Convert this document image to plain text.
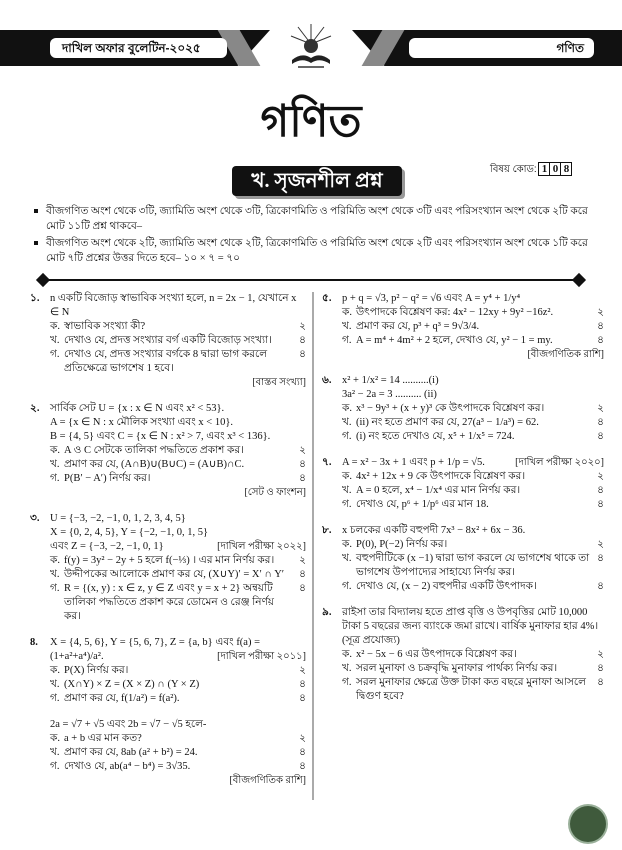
দাখিল অফার বুলেটিন-২০২৫	গণিত
গণিত
খ. সৃজনশীল প্রশ্ন
বিষয় কোড: 1 0 8
বীজগণিত অংশ থেকে ৩টি, জ্যামিতি অংশ থেকে ৩টি, ত্রিকোণমিতি ও পরিমিতি অংশ থেকে ৩টি এবং পরিসংখ্যান অংশ থেকে ২টি করে মোট ১১টি প্রশ্ন থাকবে–
বীজগণিত অংশ থেকে ২টি, জ্যামিতি অংশ থেকে ২টি, ত্রিকোণমিতি ও পরিমিতি অংশ থেকে ২টি এবং পরিসংখ্যান অংশ থেকে ১টি করে মোট ৭টি প্রশ্নের উত্তর দিতে হবে– ১০ × ৭ = ৭০
১.	n একটি বিজোড় স্বাভাবিক সংখ্যা হলে, n = 2x − 1, যেখানে x ∈ N
ক. স্বাভাবিক সংখ্যা কী?	২
খ. দেখাও যে, প্রদত্ত সংখ্যার বর্গ একটি বিজোড় সংখ্যা।	৪
গ. দেখাও যে, প্রদত্ত সংখ্যার বর্গকে 8 দ্বারা ভাগ করলে প্রতিক্ষেত্রে ভাগশেষ 1 হবে।
৪
[বাস্তব সংখ্যা]
২.	সার্বিক সেট U = {x : x ∈ N এবং x² < 53}.
A = {x ∈ N : x মৌলিক সংখ্যা এবং x < 10}.
B = {4, 5} এবং C = {x ∈ N : x² > 7, এবং x³ < 136}.
ক. A ও C সেটকে তালিকা পদ্ধতিতে প্রকাশ কর।	২
খ. প্রমাণ কর যে, (A∩B)∪(B∪C) = (A∪B)∩C.	৪
গ. P(B′ − A′) নির্ণয় কর।	৪
[সেট ও ফাংশন]
৩.	U = {−3, −2, −1, 0, 1, 2, 3, 4, 5}
X = {0, 2, 4, 5}, Y = {−2, −1, 0, 1, 5}
এবং Z = {−3, −2, −1, 0, 1}	[দাখিল পরীক্ষা ২০২২]
ক. f(y) = 3y² − 2y + 5 হলে f(−⅓) । এর মান নির্ণয় কর।	২
খ. উদ্দীপকের আলোকে প্রমাণ কর যে, (X∪Y)′ = X′ ∩ Y′	৪
গ. R = {(x, y) : x ∈ z, y ∈ Z এবং y = x + 2} অন্বয়টি তালিকা পদ্ধতিতে প্রকাশ করে ডোমেন ও রেঞ্জ নির্ণয় কর।
৪
8.	X = {4, 5, 6}, Y = {5, 6, 7}, Z = {a, b} এবং f(a) =
(1+a²+a⁴)/a².	[দাখিল পরীক্ষা ২০১১]
ক. P(X) নির্ণয় কর।	২
খ. (X∩Y) × Z = (X × Z) ∩ (Y × Z)	৪
গ. প্রমাণ কর যে, f(1/a²) = f(a²).	৪
2a = √7 + √5 এবং 2b = √7 − √5 হলে-
ক. a + b এর মান কত?	২
খ. প্রমাণ কর যে, 8ab (a² + b²) = 24.	৪
গ. দেখাও যে, ab(a⁴ − b⁴) = 3√35.	৪
[বীজগণিতিক রাশি]
৫.	p + q = √3, p² − q² = √6 এবং A = y⁴ + 1/y⁴
ক. উৎপাদকে বিশ্লেষণ কর: 4x² − 12xy + 9y² −16z².	২
খ. প্রমাণ কর যে, p³ + q³ = 9√3/4.	৪
গ. A = m⁴ + 4m² + 2 হলে, দেখাও যে, y² − 1 = my.	৪
[বীজগণিতিক রাশি]
৬.	x² + 1/x² = 14 ..........(i)
3a² − 2a = 3 .......... (ii)
ক. x³ − 9y³ + (x + y)³ কে উৎপাদকে বিশ্লেষণ কর।	২
খ. (ii) নং হতে প্রমাণ কর যে, 27(a³ − 1/a³) = 62.	৪
গ. (i) নং হতে দেখাও যে, x⁵ + 1/x⁵ = 724.	৪
৭.	A = x² − 3x + 1 এবং p + 1/p = √5.	[দাখিল পরীক্ষা ২০২০]
ক. 4x² + 12x + 9 কে উৎপাদকে বিশ্লেষণ কর।	২
খ. A = 0 হলে, x⁴ − 1/x⁴ এর মান নির্ণয় কর।	৪
গ. দেখাও যে, p⁶ + 1/p⁶ এর মান 18.	৪
৮.	x চলকের একটি বহুপদী 7x³ − 8x² + 6x − 36.
ক. P(0), P(−2) নির্ণয় কর।	২
খ. বহুপদীটিকে (x −1) দ্বারা ভাগ করলে যে ভাগশেষ থাকে তা ভাগশেষ উপপাদ্যের সাহায্যে নির্ণয় কর।
৪
গ. দেখাও যে, (x − 2) বহুপদীর একটি উৎপাদক।	৪
৯.	রাইসা তার বিদ্যালয় হতে প্রাপ্ত বৃত্তি ও উপবৃত্তির মোট 10,000 টাকা 5 বছরের জন্য ব্যাংকে জমা রাখে। বার্ষিক মুনাফার হার 4%। (সূত্র প্রযোজ্য)
ক. x² − 5x − 6 এর উৎপাদকে বিশ্লেষণ কর।	২
খ. সরল মুনাফা ও চক্রবৃদ্ধি মুনাফার পার্থক্য নির্ণয় কর।	৪
গ. সরল মুনাফার ক্ষেত্রে উক্ত টাকা কত বছরে মুনাফা আসলে দ্বিগুণ হবে?
৪
